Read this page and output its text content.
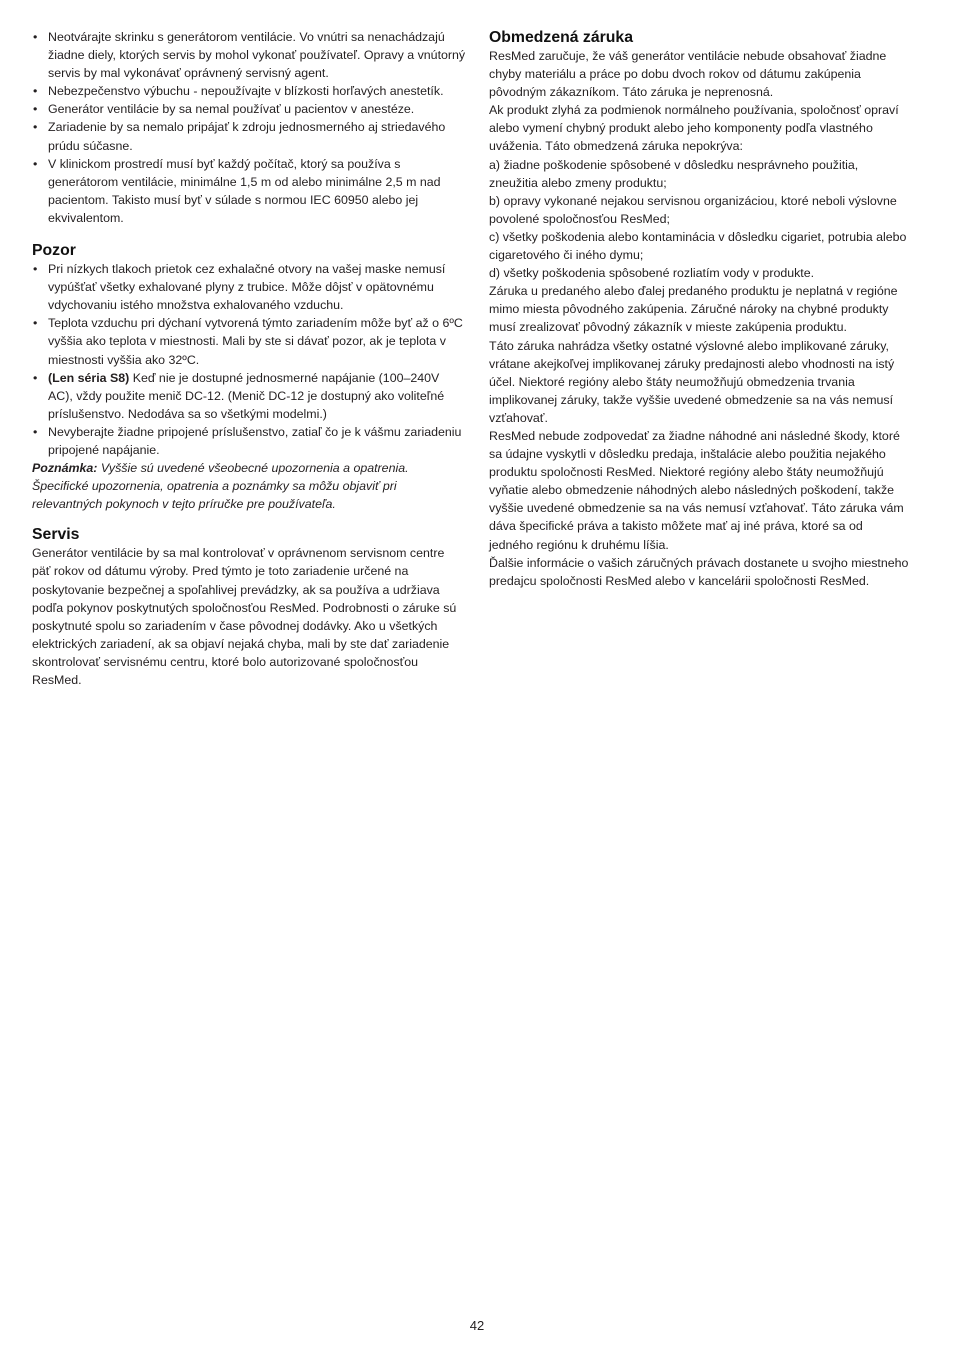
• Neotvárajte skrinku s generátorom ventilácie. Vo vnútri sa nenachádzajú žiadne diely, ktorých servis by mohol vykonať používateľ. Opravy a vnútorný servis by mal vykonávať oprávnený servisný agent.
• Nebezpečenstvo výbuchu - nepoužívajte v blízkosti horľavých anestetík.
• Generátor ventilácie by sa nemal používať u pacientov v anestéze.
• Zariadenie by sa nemalo pripájať k zdroju jednosmerného aj striedavého prúdu súčasne.
• V klinickom prostredí musí byť každý počítač, ktorý sa používa s generátorom ventilácie, minimálne 1,5 m od alebo minimálne 2,5 m nad pacientom. Takisto musí byť v súlade s normou IEC 60950 alebo jej ekvivalentom.
Pozor
• Pri nízkych tlakoch prietok cez exhalačné otvory na vašej maske nemusí vypúšťať všetky exhalované plyny z trubice. Môže dôjsť v opätovnému vdychovaniu istého množstva exhalovaného vzduchu.
• Teplota vzduchu pri dýchaní vytvorená týmto zariadením môže byť až o 6ºC vyššia ako teplota v miestnosti. Mali by ste si dávať pozor, ak je teplota v miestnosti vyššia ako 32ºC.
• (Len séria S8) Keď nie je dostupné jednosmerné napájanie (100–240V AC), vždy použite menič DC-12. (Menič DC-12 je dostupný ako voliteľné príslušenstvo. Nedodáva sa so všetkými modelmi.)
• Nevyberajte žiadne pripojené príslušenstvo, zatiaľ čo je k vášmu zariadeniu pripojené napájanie.

Poznámka: Vyššie sú uvedené všeobecné upozornenia a opatrenia. Špecifické upozornenia, opatrenia a poznámky sa môžu objaviť pri relevantných pokynoch v tejto príručke pre používateľa.

Servis

Generátor ventilácie by sa mal kontrolovať v oprávnenom servisnom centre päť rokov od dátumu výroby. Pred týmto je toto zariadenie určené na poskytovanie bezpečnej a spoľahlivej prevádzky, ak sa používa a udržiava podľa pokynov poskytnutých spoločnosťou ResMed. Podrobnosti o záruke sú poskytnuté spolu so zariadením v čase pôvodnej dodávky. Ako u všetkých elektrických zariadení, ak sa objaví nejaká chyba, mali by ste dať zariadenie skontrolovať servisnému centru, ktoré bolo autorizované spoločnosťou ResMed.

Obmedzená záruka

ResMed zaručuje, že váš generátor ventilácie nebude obsahovať žiadne chyby materiálu a práce po dobu dvoch rokov od dátumu zakúpenia pôvodným zákazníkom. Táto záruka je neprenosná.

Ak produkt zlyhá za podmienok normálneho používania, spoločnosť opraví alebo vymení chybný produkt alebo jeho komponenty podľa vlastného uváženia. Táto obmedzená záruka nepokrýva:

a) žiadne poškodenie spôsobené v dôsledku nesprávneho použitia, zneužitia alebo zmeny produktu;

b) opravy vykonané nejakou servisnou organizáciou, ktoré neboli výslovne povolené spoločnosťou ResMed;

c) všetky poškodenia alebo kontaminácia v dôsledku cigariet, potrubia alebo cigaretového či iného dymu;

d) všetky poškodenia spôsobené rozliatím vody v produkte.

Záruka u predaného alebo ďalej predaného produktu je neplatná v regióne mimo miesta pôvodného zakúpenia. Záručné nároky na chybné produkty musí zrealizovať pôvodný zákazník v mieste zakúpenia produktu.

Táto záruka nahrádza všetky ostatné výslovné alebo implikované záruky, vrátane akejkoľvej implikovanej záruky predajnosti alebo vhodnosti na istý účel. Niektoré regióny alebo štáty neumožňujú obmedzenia trvania implikovanej záruky, takže vyššie uvedené obmedzenie sa na vás nemusí vzťahovať.

ResMed nebude zodpovedať za žiadne náhodné ani následné škody, ktoré sa údajne vyskytli v dôsledku predaja, inštalácie alebo použitia nejakého produktu spoločnosti ResMed. Niektoré regióny alebo štáty neumožňujú vyňatie alebo obmedzenie náhodných alebo následných poškodení, takže vyššie uvedené obmedzenie sa na vás nemusí vzťahovať. Táto záruka vám dáva špecifické práva a takisto môžete mať aj iné práva, ktoré sa od jedného regiónu k druhému líšia.

Ďalšie informácie o vašich záručných právach dostanete u svojho miestneho predajcu spoločnosti ResMed alebo v kancelárii spoločnosti ResMed.

42
